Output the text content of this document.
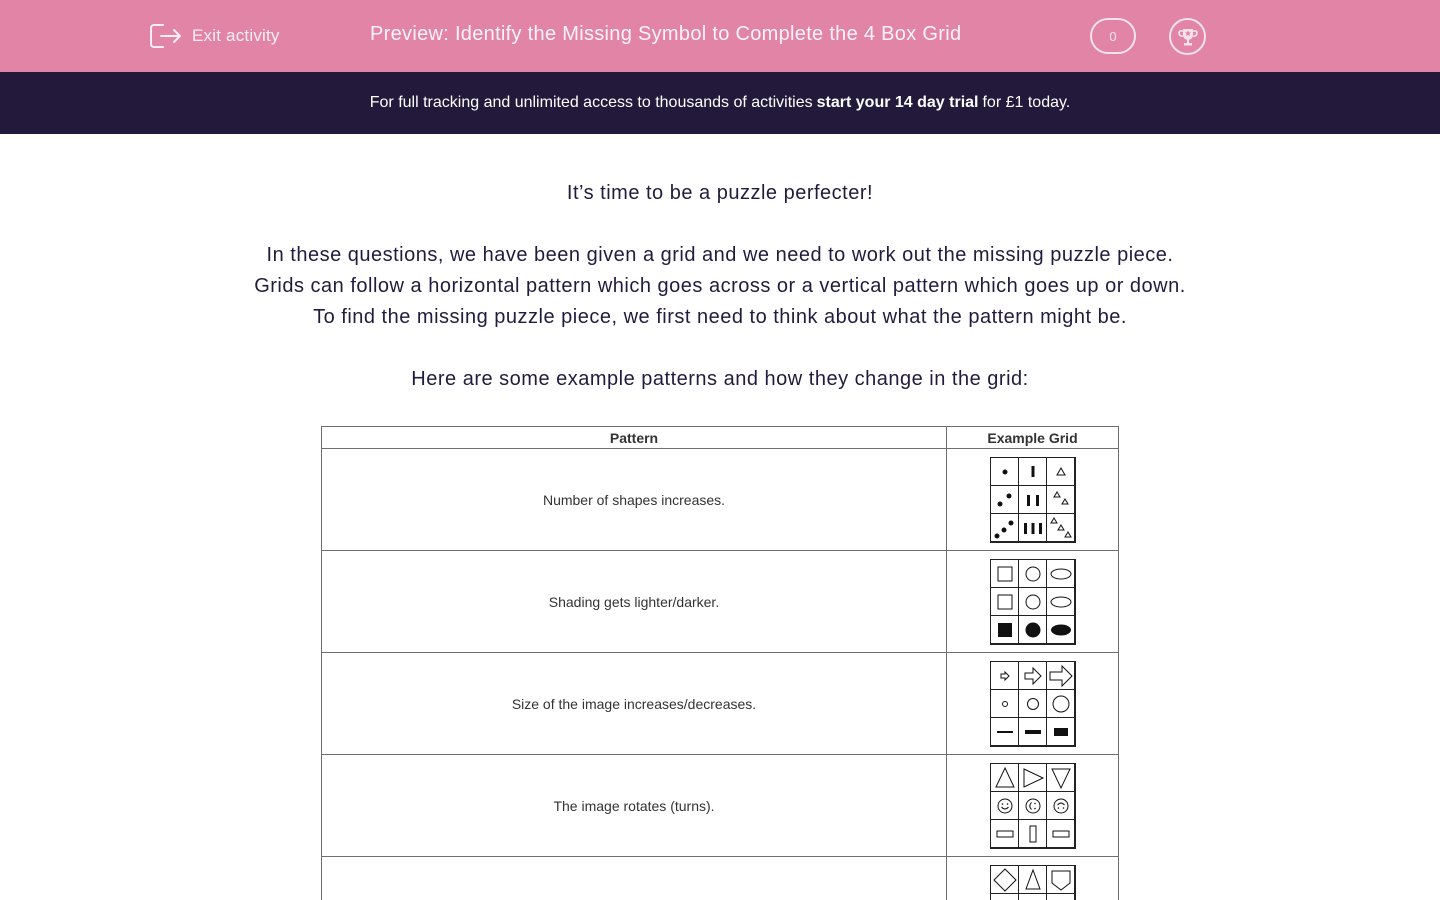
Exit activity	Preview: Identify the Missing Symbol to Complete the 4 Box Grid	0
For full tracking and unlimited access to thousands of activities start your 14 day trial for £1 today.
It’s time to be a puzzle perfecter!
In these questions, we have been given a grid and we need to work out the missing puzzle piece.
Grids can follow a horizontal pattern which goes across or a vertical pattern which goes up or down.
To find the missing puzzle piece, we first need to think about what the pattern might be.
Here are some example patterns and how they change in the grid:
Pattern	Example Grid
Number of shapes increases.	

Shading gets lighter/darker.	

Size of the image increases/decreases.	

The image rotates (turns).	
